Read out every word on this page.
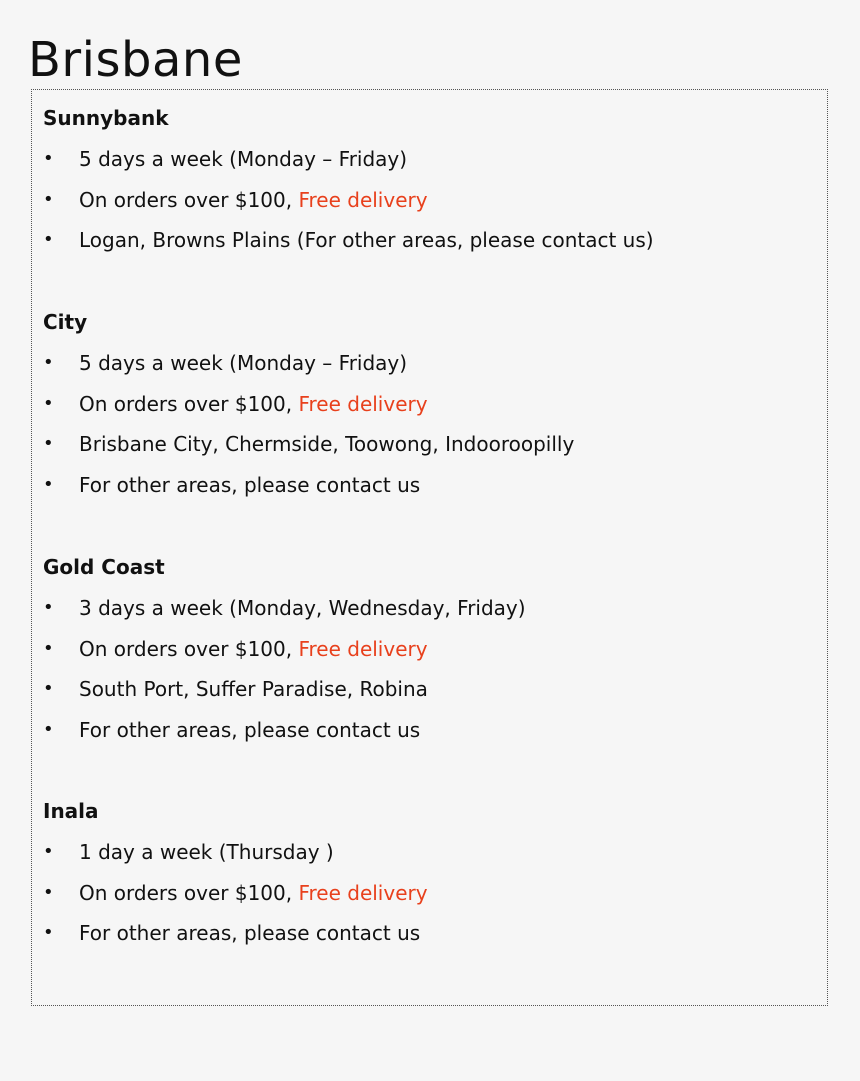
Brisbane
Sunnybank
• 5 days a week (Monday – Friday)
• On orders over $100, Free delivery
• Logan, Browns Plains (For other areas, please contact us)
City
• 5 days a week (Monday – Friday)
• On orders over $100, Free delivery
• Brisbane City, Chermside, Toowong, Indooroopilly
• For other areas, please contact us
Gold Coast
• 3 days a week (Monday, Wednesday, Friday)
• On orders over $100, Free delivery
• South Port, Suffer Paradise, Robina
• For other areas, please contact us
Inala
• 1 day a week (Thursday )
• On orders over $100, Free delivery
• For other areas, please contact us
